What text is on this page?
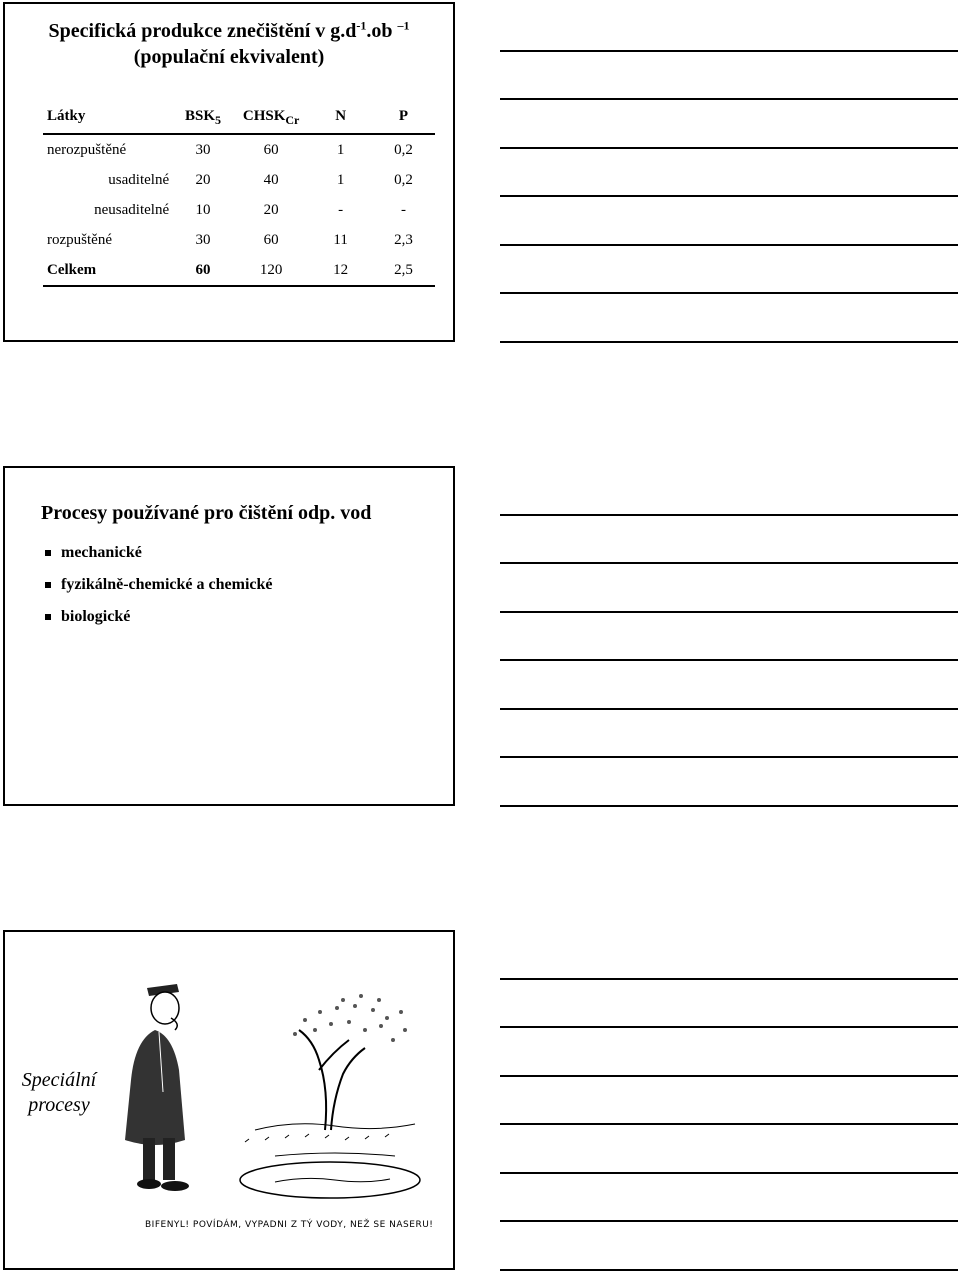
Specifická produkce znečištění v $g.d^{-1}.ob$ $^{-1}$
(populační ekvivalent)
Látky	$BSK_5$	$CHSK_{Cr}$	N	P
nerozpuštěné	30	60	1	0,2
usaditelné	20	40	1	0,2
neusaditelné	10	20	-	-
rozpuštěné	30	60	11	2,3
Celkem	60	120	12	2,5
Procesy používané pro čištění odp. vod
mechanické
fyzikálně-chemické a chemické
biologické
Speciální
procesy
BIFENYL! POVÍDÁM, VYPADNI Z TÝ VODY, NEŽ SE NASERU!
